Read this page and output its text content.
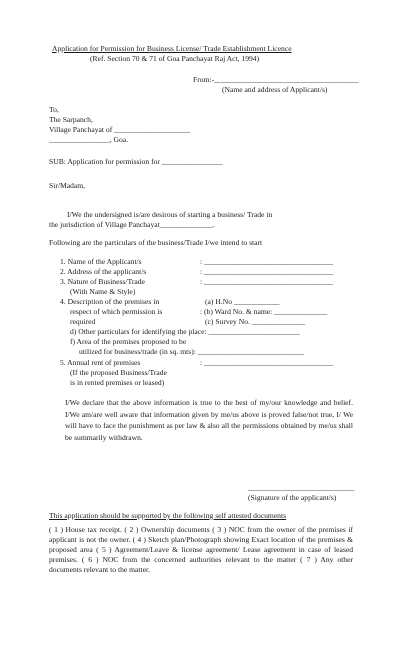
Application for Permission for Business License/ Trade Establishment Licence
(Ref. Section 70 & 71 of Goa Panchayat Raj Act, 1994)
From:-______________________________________
(Name and address of Applicant/s)
To,
The Sarpanch,
Village Panchayat of ____________________
________________, Goa.
SUB: Application for permission for ________________
Sir/Madam,
I/We the undersigned is/are desirous of starting a business/ Trade in
the jurisdiction of Village Panchayat______________.
Following are the particulars of the business/Trade I/we intend to start
1. Name of the Applicant/s	: __________________________________
2. Address of the applicant/s	: __________________________________
3. Nature of Business/Trade	: __________________________________
(With Name & Style)
4. Description of the premises in	(a) H.No ____________
respect of which permission is	: (b) Ward No. & name: ______________
required	(c) Survey No. ______________
d) Other particulars for identifying the place: ________________________
f) Area of the premises proposed to be
utilized for business/trade (in sq. mts): ____________________________
5. Annual rent of premises	: __________________________________
(If the proposed Business/Trade
is in rented premises or leased)
I/We declare that the above information is true to the best of my/our knowledge and belief. I/We am/are well aware that information given by me/us above is proved false/not true, I/ We will have to face the punishment as per law & also all the permissions obtained by me/us shall be summarily withdrawn.
____________________________
(Signature of the applicant/s)
This application should be supported by the following self attested documents
( 1 ) House tax receipt. ( 2 ) Ownership documents ( 3 ) NOC from the owner of the premises if applicant is not the owner. ( 4 ) Sketch plan/Photograph showing Exact location of the premises & proposed area ( 5 ) Agreement/Leave & license agreement/ Lease agreement in case of leased premises. ( 6 ) NOC from the concerned authorities relevant to the matter ( 7 ) Any other documents relevant to the matter.
